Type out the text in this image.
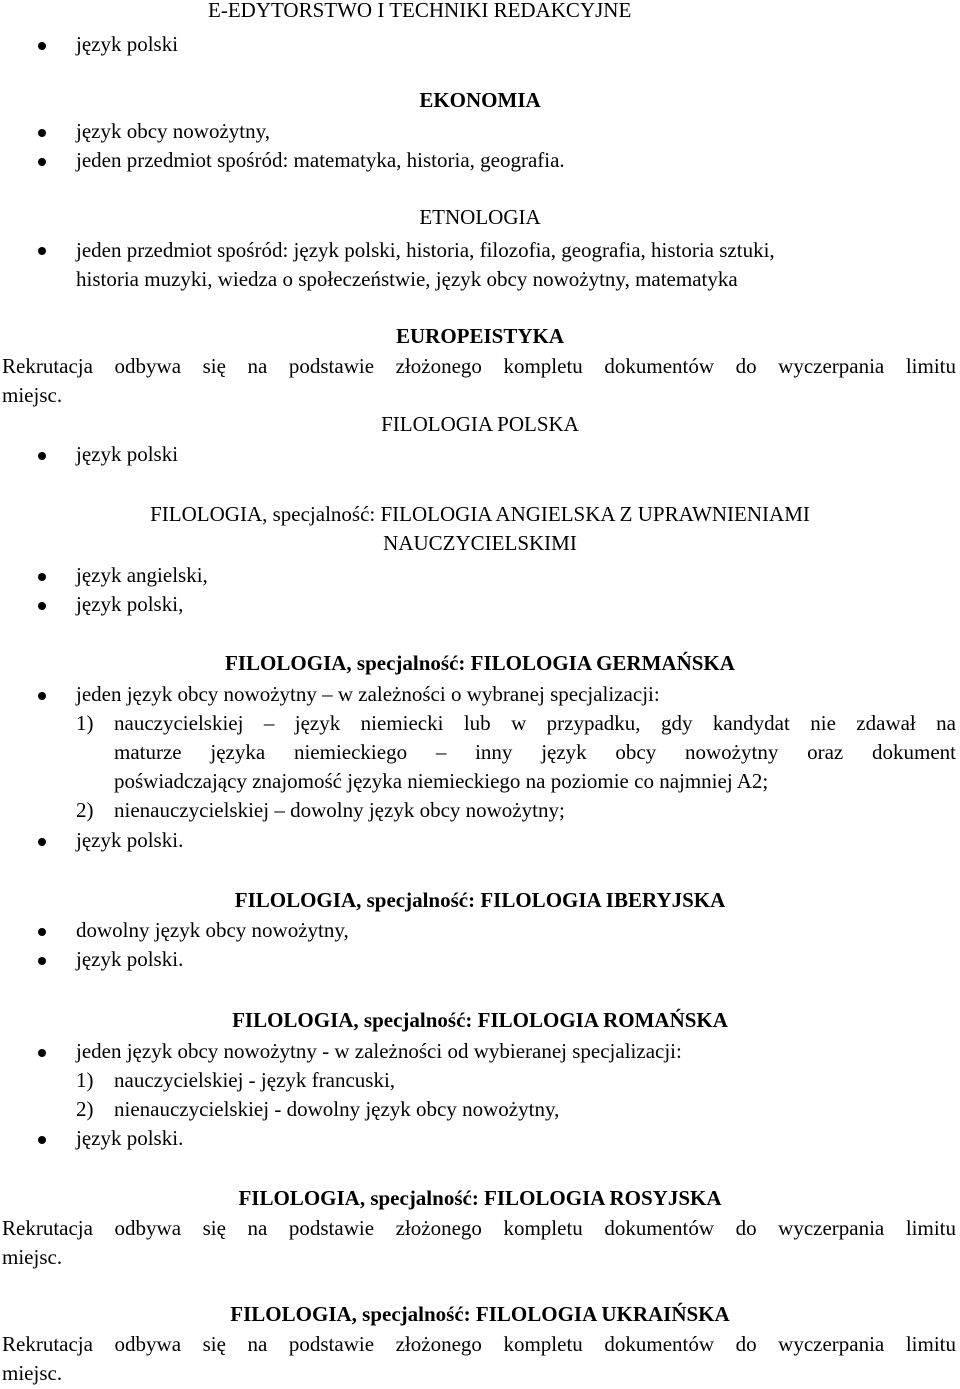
E-EDYTORSTWO I TECHNIKI REDAKCYJNE
język polski
EKONOMIA
język obcy nowożytny,
jeden przedmiot spośród: matematyka, historia, geografia.
ETNOLOGIA
jeden przedmiot spośród: język polski, historia, filozofia, geografia, historia sztuki,
historia muzyki, wiedza o społeczeństwie, język obcy nowożytny, matematyka
EUROPEISTYKA
Rekrutacja odbywa się na podstawie złożonego kompletu dokumentów do wyczerpania limitu
miejsc.
FILOLOGIA POLSKA
język polski
FILOLOGIA, specjalność: FILOLOGIA ANGIELSKA Z UPRAWNIENIAMI
NAUCZYCIELSKIMI
język angielski,
język polski,
FILOLOGIA, specjalność: FILOLOGIA GERMAŃSKA
jeden język obcy nowożytny – w zależności o wybranej specjalizacji:
1) nauczycielskiej – język niemiecki lub w przypadku, gdy kandydat nie zdawał na
maturze języka niemieckiego – inny język obcy nowożytny oraz dokument
poświadczający znajomość języka niemieckiego na poziomie co najmniej A2;
2) nienauczycielskiej – dowolny język obcy nowożytny;
język polski.
FILOLOGIA, specjalność: FILOLOGIA IBERYJSKA
dowolny język obcy nowożytny,
język polski.
FILOLOGIA, specjalność: FILOLOGIA ROMAŃSKA
jeden język obcy nowożytny - w zależności od wybieranej specjalizacji:
1) nauczycielskiej - język francuski,
2) nienauczycielskiej - dowolny język obcy nowożytny,
język polski.
FILOLOGIA, specjalność: FILOLOGIA ROSYJSKA
Rekrutacja odbywa się na podstawie złożonego kompletu dokumentów do wyczerpania limitu
miejsc.
FILOLOGIA, specjalność: FILOLOGIA UKRAIŃSKA
Rekrutacja odbywa się na podstawie złożonego kompletu dokumentów do wyczerpania limitu
miejsc.
